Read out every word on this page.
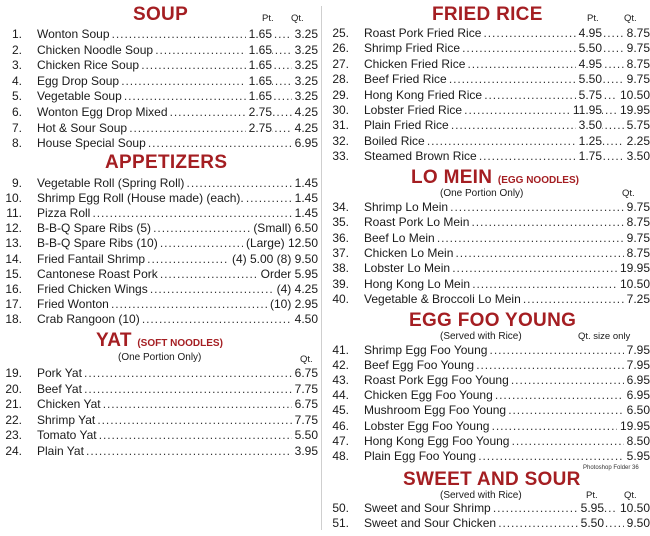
SOUP	Pt. Qt.
1. Wonton Soup . . .	1.65 3.25
2. Chicken Noodle Soup . . .	1.65 3.25
3. Chicken Rice Soup . . .	1.65 3.25
4. Egg Drop Soup . . .	1.65 3.25
5. Vegetable Soup . . .	1.65 3.25
6. Wonton Egg Drop Mixed . . .	2.75 4.25
7. Hot & Sour Soup . . .	2.75 4.25
8. House Special Soup . . .	6.95
APPETIZERS
9. Vegetable Roll (Spring Roll) . . .	1.45
10. Shrimp Egg Roll (House made) (each). . . .	1.45
11. Pizza Roll . . .	1.45
12. B-B-Q Spare Ribs (5) . . .	(Small) 6.50
13. B-B-Q Spare Ribs (10) . . .	(Large) 12.50
14. Fried Fantail Shrimp . . .	(4) 5.00 (8) 9.50
15. Cantonese Roast Pork . . .	Order 5.95
16. Fried Chicken Wings . . .	(4) 4.25
17. Fried Wonton . . .	(10) 2.95
18. Crab Rangoon (10) . . .	4.50
YAT (SOFT NOODLES)
(One Portion Only)	Qt.
19. Pork Yat . . .	6.75
20. Beef Yat . . .	7.75
21. Chicken Yat . . .	6.75
22. Shrimp Yat . . .	7.75
23. Tomato Yat . . .	5.50
24. Plain Yat . . .	3.95
FRIED RICE	Pt.	Qt.
25. Roast Pork Fried Rice . . .	4.95 8.75
26. Shrimp Fried Rice . . .	5.50 9.75
27. Chicken Fried Rice . . .	4.95 8.75
28. Beef Fried Rice . . .	5.50 9.75
29. Hong Kong Fried Rice . . .	5.75 10.50
30. Lobster Fried Rice . . .	11.95 19.95
31. Plain Fried Rice . . .	3.50 5.75
32. Boiled Rice . . .	1.25 2.25
33. Steamed Brown Rice . . .	1.75 3.50
LO MEIN (EGG NOODLES)
(One Portion Only)	Qt.
34. Shrimp Lo Mein . . .	9.75
35. Roast Pork Lo Mein . . .	8.75
36. Beef Lo Mein . . .	9.75
37. Chicken Lo Mein . . .	8.75
38. Lobster Lo Mein . . .	19.95
39. Hong Kong Lo Mein . . .	10.50
40. Vegetable & Broccoli Lo Mein . . .	7.25
EGG FOO YOUNG
(Served with Rice)	Qt. size only
41. Shrimp Egg Foo Young . . .	7.95
42. Beef Egg Foo Young . . .	7.95
43. Roast Pork Egg Foo Young . . .	6.95
44. Chicken Egg Foo Young . . .	6.95
45. Mushroom Egg Foo Young . . .	6.50
46. Lobster Egg Foo Young . . .	19.95
47. Hong Kong Egg Foo Young . . .	8.50
48. Plain Egg Foo Young . . .	5.95
Photoshop Folder 36
SWEET AND SOUR
(Served with Rice)	Pt.	Qt.
50. Sweet and Sour Shrimp . . .	5.95 10.50
51. Sweet and Sour Chicken . . .	5.50 9.50
